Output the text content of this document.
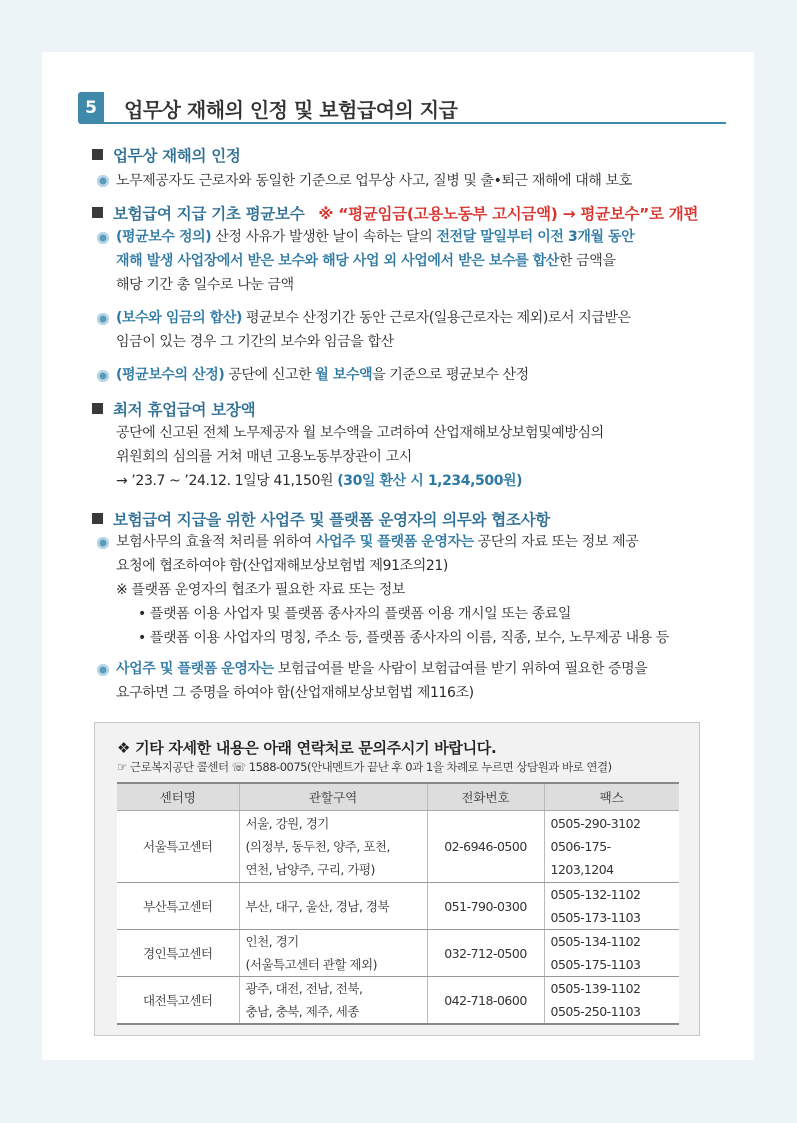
5	업무상 재해의 인정 및 보험급여의 지급
업무상 재해의 인정
노무제공자도 근로자와 동일한 기준으로 업무상 사고, 질병 및 출•퇴근 재해에 대해 보호
보험급여 지급 기초 평균보수 ※ “평균임금(고용노동부 고시금액) → 평균보수”로 개편
(평균보수 정의) 산정 사유가 발생한 날이 속하는 달의 전전달 말일부터 이전 3개월 동안
재해 발생 사업장에서 받은 보수와 해당 사업 외 사업에서 받은 보수를 합산한 금액을
해당 기간 총 일수로 나눈 금액
(보수와 임금의 합산) 평균보수 산정기간 동안 근로자(일용근로자는 제외)로서 지급받은
임금이 있는 경우 그 기간의 보수와 임금을 합산
(평균보수의 산정) 공단에 신고한 월 보수액을 기준으로 평균보수 산정
최저 휴업급여 보장액
공단에 신고된 전체 노무제공자 월 보수액을 고려하여 산업재해보상보험및예방심의
위원회의 심의를 거쳐 매년 고용노동부장관이 고시
→ ’23.7 ~ ’24.12. 1일당 41,150원 (30일 환산 시 1,234,500원)
보험급여 지급을 위한 사업주 및 플랫폼 운영자의 의무와 협조사항
보험사무의 효율적 처리를 위하여 사업주 및 플랫폼 운영자는 공단의 자료 또는 정보 제공
요청에 협조하여야 함(산업재해보상보험법 제91조의21)
※ 플랫폼 운영자의 협조가 필요한 자료 또는 정보
• 플랫폼 이용 사업자 및 플랫폼 종사자의 플랫폼 이용 개시일 또는 종료일
• 플랫폼 이용 사업자의 명칭, 주소 등, 플랫폼 종사자의 이름, 직종, 보수, 노무제공 내용 등
사업주 및 플랫폼 운영자는 보험급여를 받을 사람이 보험급여를 받기 위하여 필요한 증명을
요구하면 그 증명을 하여야 함(산업재해보상보험법 제116조)
❖ 기타 자세한 내용은 아래 연락처로 문의주시기 바랍니다.
☞ 근로복지공단 콜센터 ☏ 1588-0075(안내멘트가 끝난 후 0과 1을 차례로 누르면 상담원과 바로 연결)
센터명	관할구역	전화번호	팩스
서울특고센터	서울, 강원, 경기
(의정부, 동두천, 양주, 포천,
연천, 남양주, 구리, 가평)	02-6946-0500	0505-290-3102
0506-175-1203,1204
부산특고센터	부산, 대구, 울산, 경남, 경북	051-790-0300	0505-132-1102
0505-173-1103
경인특고센터	인천, 경기
(서울특고센터 관할 제외)	032-712-0500	0505-134-1102
0505-175-1103
대전특고센터	광주, 대전, 전남, 전북,
충남, 충북, 제주, 세종	042-718-0600	0505-139-1102
0505-250-1103
